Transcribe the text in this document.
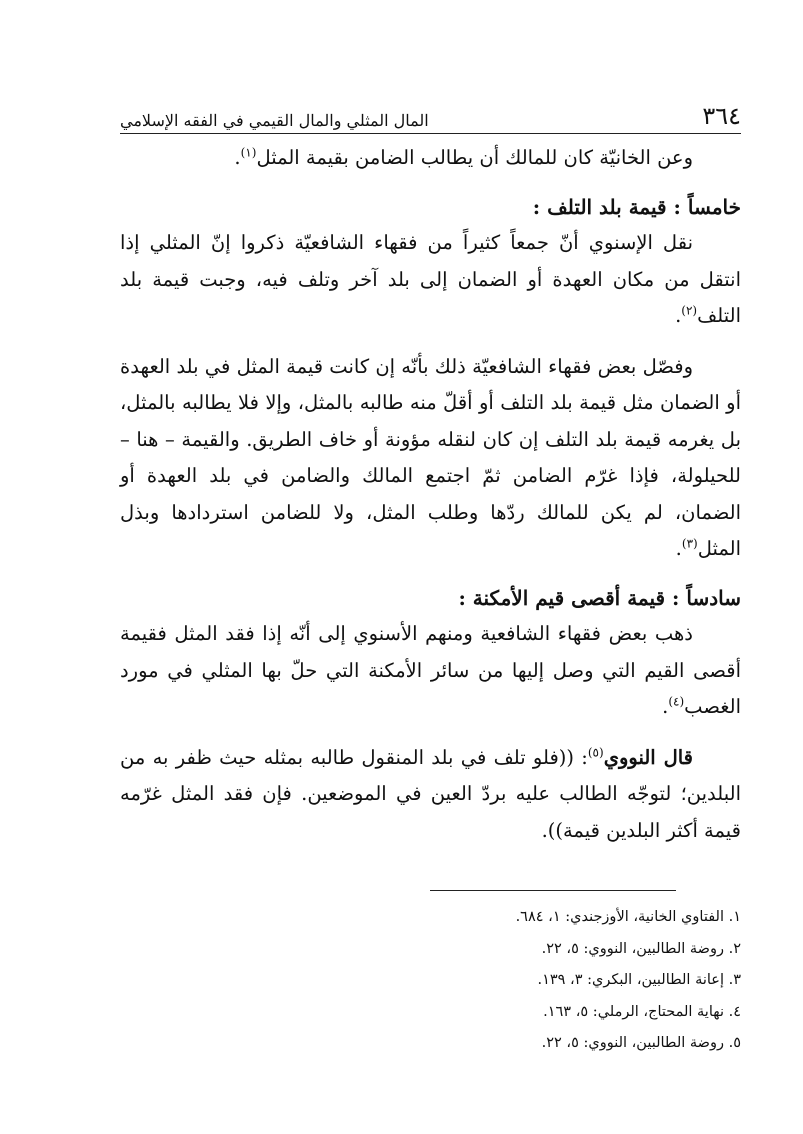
٣٦٤
المال المثلي والمال القيمي في الفقه الإسلامي

وعن الخانيّة كان للمالك أن يطالب الضامن بقيمة المثل$^{(١)}$.

خامساً : قيمة بلد التلف :

نقل الإسنوي أنّ جمعاً كثيراً من فقهاء الشافعيّة ذكروا إنّ المثلي إذا انتقل من مكان العهدة أو الضمان إلى بلد آخر وتلف فيه، وجبت قيمة بلد التلف$^{(٢)}$.

وفصّل بعض فقهاء الشافعيّة ذلك بأنّه إن كانت قيمة المثل في بلد العهدة أو الضمان مثل قيمة بلد التلف أو أقلّ منه طالبه بالمثل، وإلا فلا يطالبه بالمثل، بل يغرمه قيمة بلد التلف إن كان لنقله مؤونة أو خاف الطريق. والقيمة – هنا – للحيلولة، فإذا غرّم الضامن ثمّ اجتمع المالك والضامن في بلد العهدة أو الضمان، لم يكن للمالك ردّها وطلب المثل، ولا للضامن استردادها وبذل المثل$^{(٣)}$.

سادساً : قيمة أقصى قيم الأمكنة :

ذهب بعض فقهاء الشافعية ومنهم الأسنوي إلى أنّه إذا فقد المثل فقيمة أقصى القيم التي وصل إليها من سائر الأمكنة التي حلّ بها المثلي في مورد الغصب$^{(٤)}$.

قال النووي$^{(٥)}$: ((فلو تلف في بلد المنقول طالبه بمثله حيث ظفر به من البلدين؛ لتوجّه الطالب عليه بردّ العين في الموضعين. فإن فقد المثل غرّمه قيمة أكثر البلدين قيمة)).

١. الفتاوي الخانية، الأوزجندي: ١، ٦٨٤.
٢. روضة الطالبين، النووي: ٥، ٢٢.
٣. إعانة الطالبين، البكري: ٣، ١٣٩.
٤. نهاية المحتاج، الرملي: ٥، ١٦٣.
٥. روضة الطالبين، النووي: ٥، ٢٢.
